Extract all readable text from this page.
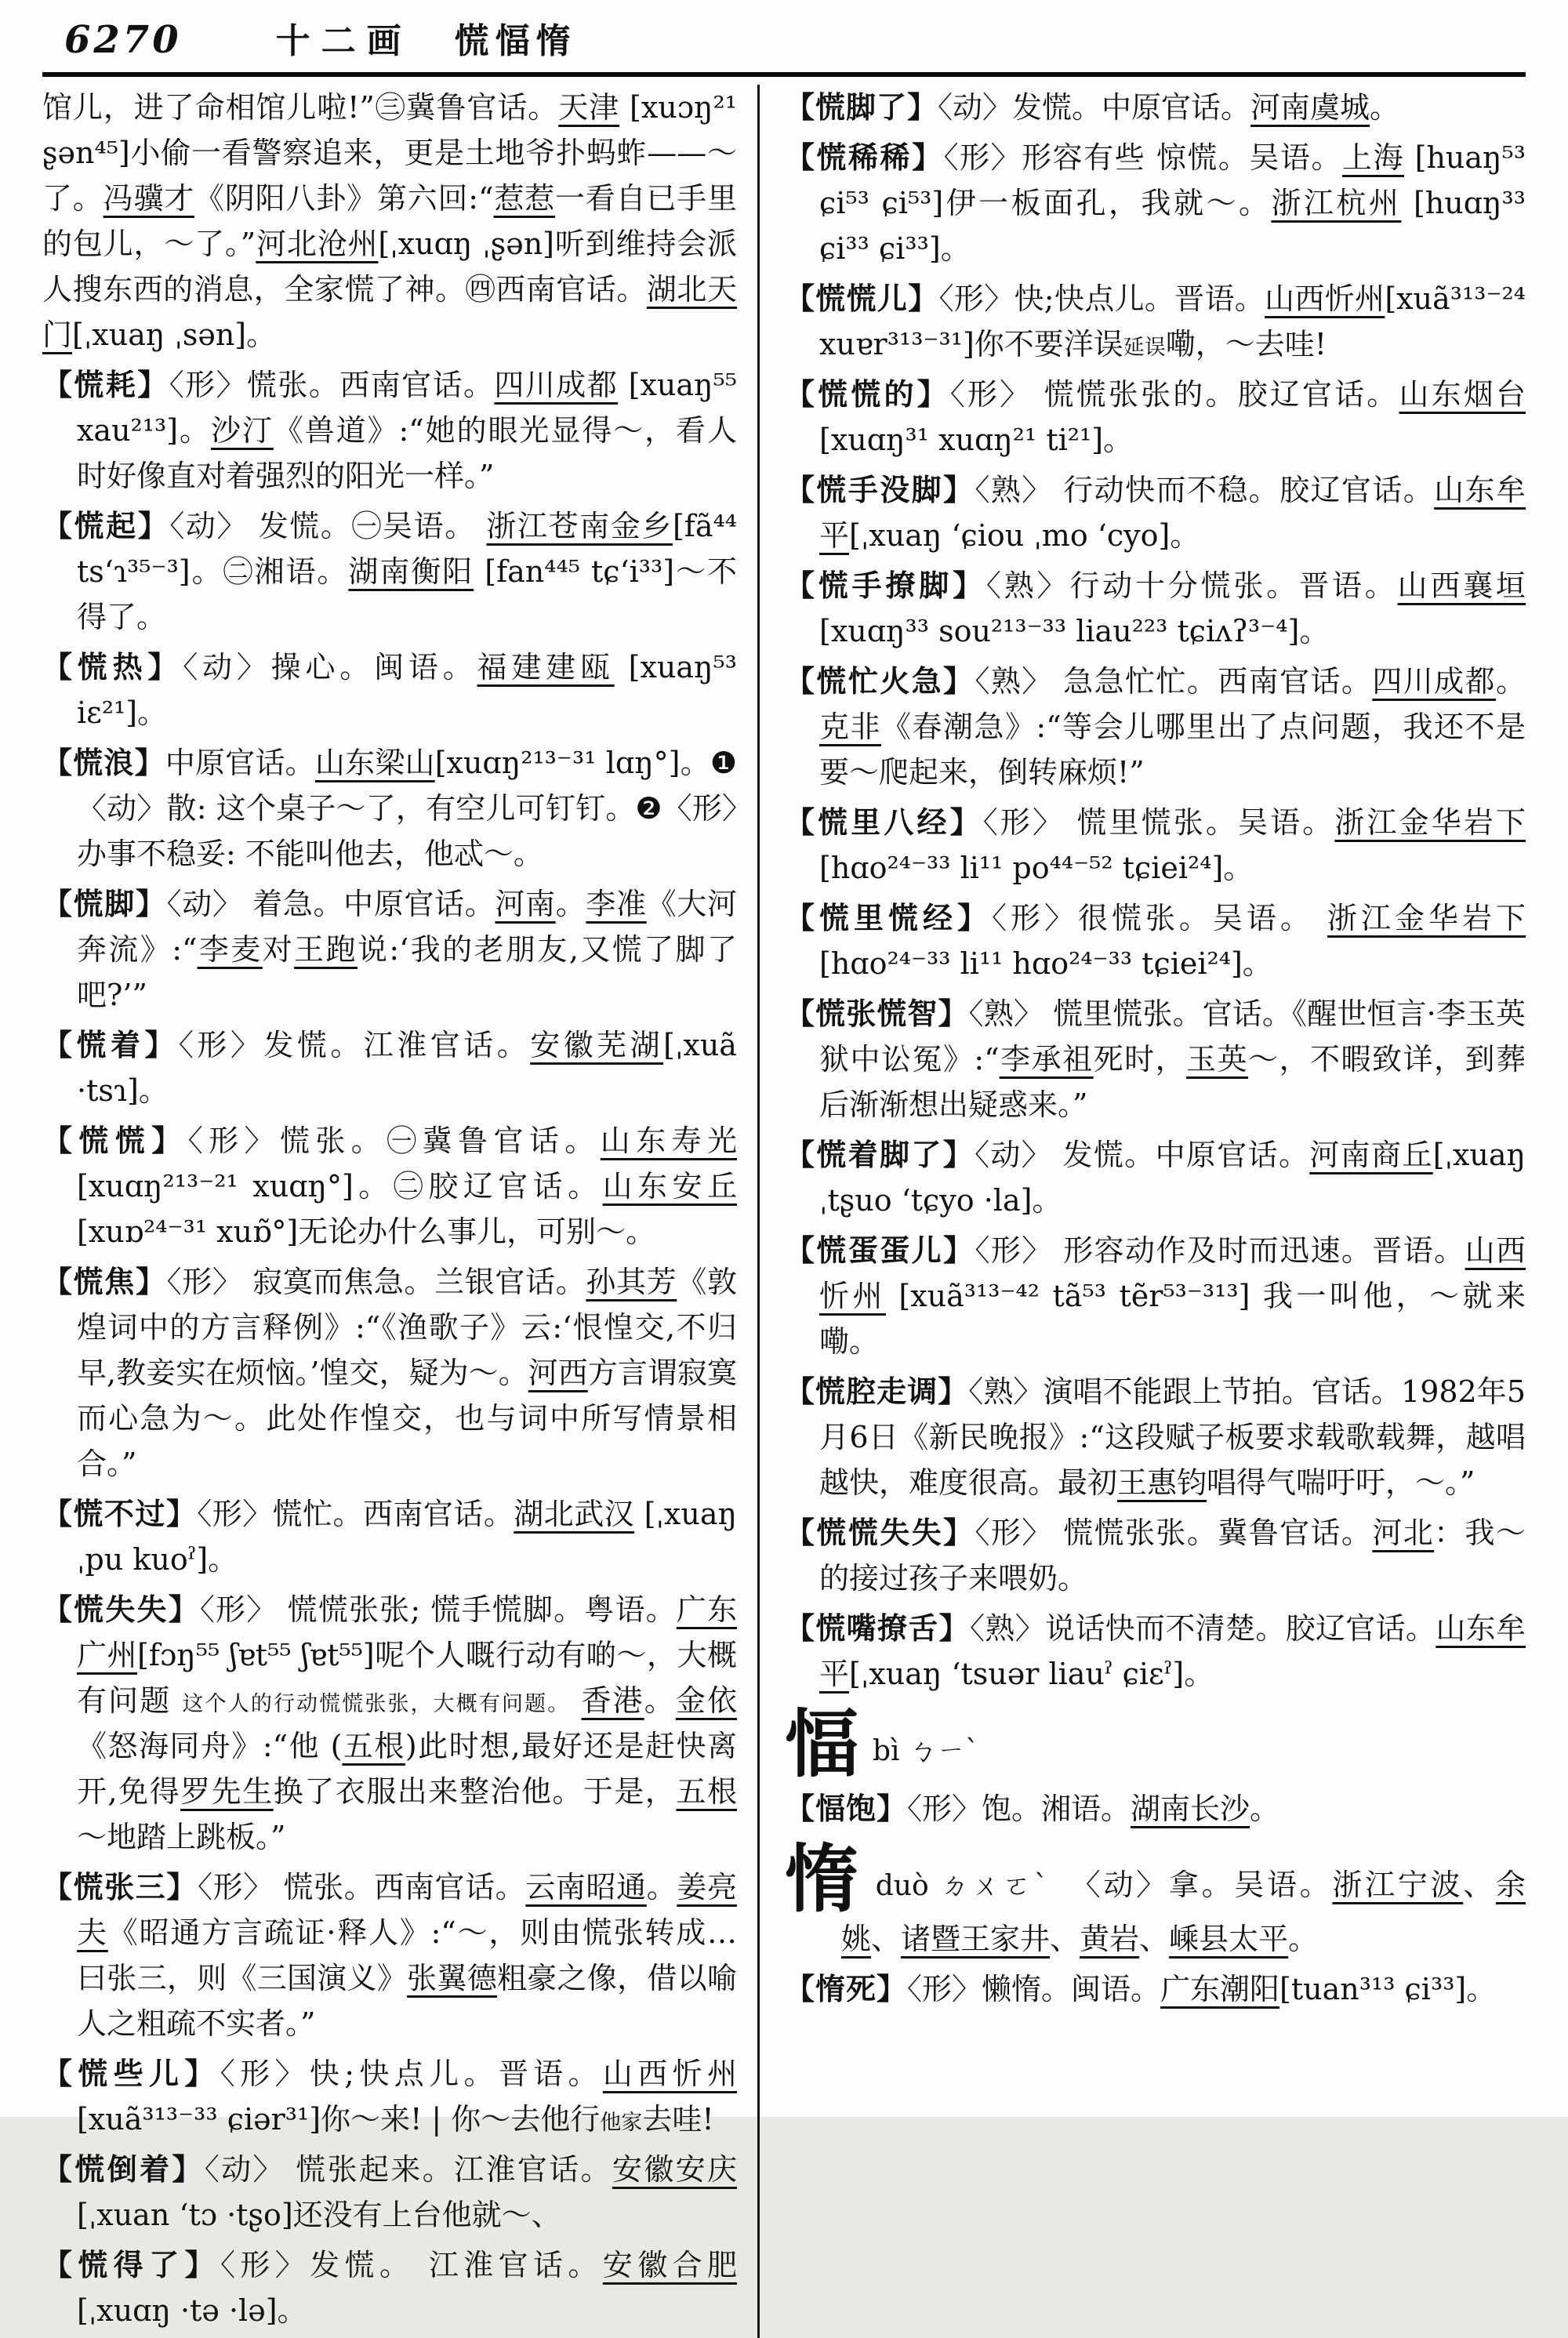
6270	十二画 慌愊惰

馆儿，进了命相馆儿啦!”㊂冀鲁官话。天津 [xuɔŋ²¹ ʂən⁴⁵]小偷一看警察追来，更是土地爷扑蚂蚱——～了。冯骥才《阴阳八卦》第六回:“惹惹一看自已手里的包儿，～了。”河北沧州[ˌxuɑŋ ˌʂən]听到维持会派人搜东西的消息，全家慌了神。㊃西南官话。湖北天门[ˌxuaŋ ˌsən]。

【慌耗】〈形〉慌张。西南官话。四川成都 [xuaŋ⁵⁵ xau²¹³]。沙汀《兽道》:“她的眼光显得～，看人时好像直对着强烈的阳光一样。”

【慌起】〈动〉 发慌。㊀吴语。 浙江苍南金乡[fã⁴⁴ tsʻɿ³⁵⁻³]。㊁湘语。湖南衡阳 [fan⁴⁴⁵ tɕʻi³³]～不得了。

【慌热】〈动〉操心。闽语。福建建瓯 [xuaŋ⁵³ iɛ²¹]。

【慌浪】中原官话。山东梁山[xuɑŋ²¹³⁻³¹ lɑŋ°]。❶〈动〉散: 这个桌子～了，有空儿可钉钉。❷〈形〉办事不稳妥: 不能叫他去，他忒～。

【慌脚】〈动〉 着急。中原官话。河南。李准《大河奔流》:“李麦对王跑说:‘我的老朋友,又慌了脚了吧?’”

【慌着】〈形〉发慌。江淮官话。安徽芜湖[ˌxuã ·tsɿ]。

【慌慌】〈形〉慌张。㊀冀鲁官话。山东寿光 [xuɑŋ²¹³⁻²¹ xuɑŋ°]。㊁胶辽官话。山东安丘 [xuɒ²⁴⁻³¹ xuɒ̃°]无论办什么事儿，可别～。

【慌焦】〈形〉 寂寞而焦急。兰银官话。孙其芳《敦煌词中的方言释例》:“《渔歌子》云:‘恨惶交,不归早,教妾实在烦恼。’惶交，疑为～。河西方言谓寂寞而心急为～。此处作惶交，也与词中所写情景相合。”

【慌不过】〈形〉慌忙。西南官话。湖北武汉 [ˌxuaŋ ˌpu kuoˀ]。

【慌失失】〈形〉 慌慌张张; 慌手慌脚。粤语。广东广州[fɔŋ⁵⁵ ʃɐt⁵⁵ ʃɐt⁵⁵]呢个人嘅行动有啲～，大概有问题 这个人的行动慌慌张张，大概有问题。 香港。金依《怒海同舟》:“他 (五根)此时想,最好还是赶快离开,免得罗先生换了衣服出来整治他。于是，五根～地踏上跳板。”

【慌张三】〈形〉 慌张。西南官话。云南昭通。姜亮夫《昭通方言疏证·释人》:“～，则由慌张转成…曰张三，则《三国演义》张翼德粗豪之像，借以喻人之粗疏不实者。”

【慌些儿】〈形〉快;快点儿。晋语。山西忻州[xuã³¹³⁻³³ ɕiər³¹]你～来! | 你～去他行他家去哇!

【慌倒着】〈动〉 慌张起来。江淮官话。安徽安庆[ˌxuan ʻtɔ ·tʂo]还没有上台他就～、

【慌得了】〈形〉发慌。 江淮官话。安徽合肥 [ˌxuɑŋ ·tə ·lə]。

【慌脚了】〈动〉发慌。中原官话。河南虞城。

【慌稀稀】〈形〉形容有些 惊慌。吴语。上海 [huaŋ⁵³ ɕi⁵³ ɕi⁵³]伊一板面孔，我就～。浙江杭州 [huɑŋ³³ ɕi³³ ɕi³³]。

【慌慌儿】〈形〉快;快点儿。晋语。山西忻州[xuã³¹³⁻²⁴ xuɐr³¹³⁻³¹]你不要洋误延误嘞，～去哇!

【慌慌的】〈形〉 慌慌张张的。胶辽官话。山东烟台 [xuɑŋ³¹ xuɑŋ²¹ ti²¹]。

【慌手没脚】〈熟〉 行动快而不稳。胶辽官话。山东牟平[ˌxuaŋ ʻɕiou ˌmo ʻcyo]。

【慌手撩脚】〈熟〉行动十分慌张。晋语。山西襄垣[xuɑŋ³³ sou²¹³⁻³³ liau²²³ tɕiʌʔ³⁻⁴]。

【慌忙火急】〈熟〉 急急忙忙。西南官话。四川成都。克非《春潮急》:“等会儿哪里出了点问题，我还不是要～爬起来，倒转麻烦!”

【慌里八经】〈形〉 慌里慌张。吴语。浙江金华岩下 [hɑo²⁴⁻³³ li¹¹ po⁴⁴⁻⁵² tɕiei²⁴]。

【慌里慌经】〈形〉很慌张。吴语。 浙江金华岩下 [hɑo²⁴⁻³³ li¹¹ hɑo²⁴⁻³³ tɕiei²⁴]。

【慌张慌智】〈熟〉 慌里慌张。官话。《醒世恒言·李玉英狱中讼冤》:“李承祖死时，玉英～，不暇致详，到葬后渐渐想出疑惑来。”

【慌着脚了】〈动〉 发慌。中原官话。河南商丘[ˌxuaŋ ˌtʂuo ʻtɕyo ·la]。

【慌蛋蛋儿】〈形〉 形容动作及时而迅速。晋语。山西忻州 [xuã³¹³⁻⁴² tã⁵³ tẽr⁵³⁻³¹³] 我一叫他，～就来嘞。

【慌腔走调】〈熟〉演唱不能跟上节拍。官话。1982年5月6日《新民晚报》:“这段赋子板要求载歌载舞，越唱越快，难度很高。最初王惠钧唱得气喘吁吁，～。”

【慌慌失失】〈形〉 慌慌张张。冀鲁官话。河北：我～的接过孩子来喂奶。

【慌嘴撩舌】〈熟〉说话快而不清楚。胶辽官话。山东牟平[ˌxuaŋ ʻtsuər liauˀ ɕiɛˀ]。

愊bì ㄅㄧˋ

【愊饱】〈形〉饱。湘语。湖南长沙。

惰duò ㄉㄨㄛˋ 〈动〉拿。吴语。浙江宁波、余姚、诸暨王家井、黄岩、嵊县太平。

【惰死】〈形〉懒惰。闽语。广东潮阳[tuan³¹³ ɕi³³]。
